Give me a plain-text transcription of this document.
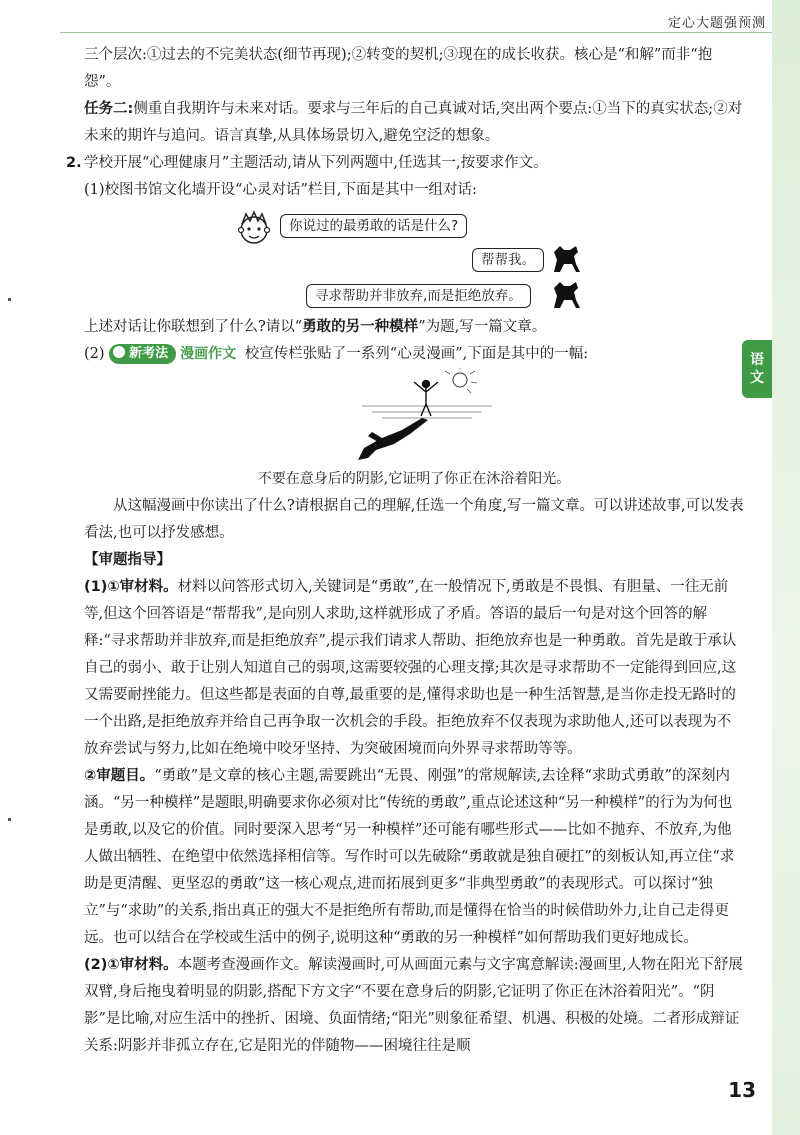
定心大题强预测
语
文

三个层次:①过去的不完美状态(细节再现);②转变的契机;③现在的成长收获。核心是“和解”而非“抱怨”。

任务二:侧重自我期许与未来对话。要求与三年后的自己真诚对话,突出两个要点:①当下的真实状态;②对未来的期许与追问。语言真挚,从具体场景切入,避免空泛的想象。

2. 学校开展“心理健康月”主题活动,请从下列两题中,任选其一,按要求作文。

(1)校图书馆文化墙开设“心灵对话”栏目,下面是其中一组对话:

你说过的最勇敢的话是什么?
帮帮我。
寻求帮助并非放弃,而是拒绝放弃。

上述对话让你联想到了什么?请以“勇敢的另一种模样”为题,写一篇文章。

(2) 新考法 漫画作文 校宣传栏张贴了一系列“心灵漫画”,下面是其中的一幅:

不要在意身后的阴影,它证明了你正在沐浴着阳光。

从这幅漫画中你读出了什么?请根据自己的理解,任选一个角度,写一篇文章。可以讲述故事,可以发表看法,也可以抒发感想。

【审题指导】

(1)①审材料。材料以问答形式切入,关键词是“勇敢”,在一般情况下,勇敢是不畏惧、有胆量、一往无前等,但这个回答语是“帮帮我”,是向别人求助,这样就形成了矛盾。答语的最后一句是对这个回答的解释:“寻求帮助并非放弃,而是拒绝放弃”,提示我们请求人帮助、拒绝放弃也是一种勇敢。首先是敢于承认自己的弱小、敢于让别人知道自己的弱项,这需要较强的心理支撑;其次是寻求帮助不一定能得到回应,这又需要耐挫能力。但这些都是表面的自尊,最重要的是,懂得求助也是一种生活智慧,是当你走投无路时的一个出路,是拒绝放弃并给自己再争取一次机会的手段。拒绝放弃不仅表现为求助他人,还可以表现为不放弃尝试与努力,比如在绝境中咬牙坚持、为突破困境而向外界寻求帮助等等。

②审题目。“勇敢”是文章的核心主题,需要跳出“无畏、刚强”的常规解读,去诠释“求助式勇敢”的深刻内涵。“另一种模样”是题眼,明确要求你必须对比“传统的勇敢”,重点论述这种“另一种模样”的行为为何也是勇敢,以及它的价值。同时要深入思考“另一种模样”还可能有哪些形式——比如不抛弃、不放弃,为他人做出牺牲、在绝望中依然选择相信等。写作时可以先破除“勇敢就是独自硬扛”的刻板认知,再立住“求助是更清醒、更坚忍的勇敢”这一核心观点,进而拓展到更多“非典型勇敢”的表现形式。可以探讨“独立”与“求助”的关系,指出真正的强大不是拒绝所有帮助,而是懂得在恰当的时候借助外力,让自己走得更远。也可以结合在学校或生活中的例子,说明这种“勇敢的另一种模样”如何帮助我们更好地成长。

(2)①审材料。本题考查漫画作文。解读漫画时,可从画面元素与文字寓意解读:漫画里,人物在阳光下舒展双臂,身后拖曳着明显的阴影,搭配下方文字“不要在意身后的阴影,它证明了你正在沐浴着阳光”。“阴影”是比喻,对应生活中的挫折、困境、负面情绪;“阳光”则象征希望、机遇、积极的处境。二者形成辩证关系:阴影并非孤立存在,它是阳光的伴随物——困境往往是顺

13
